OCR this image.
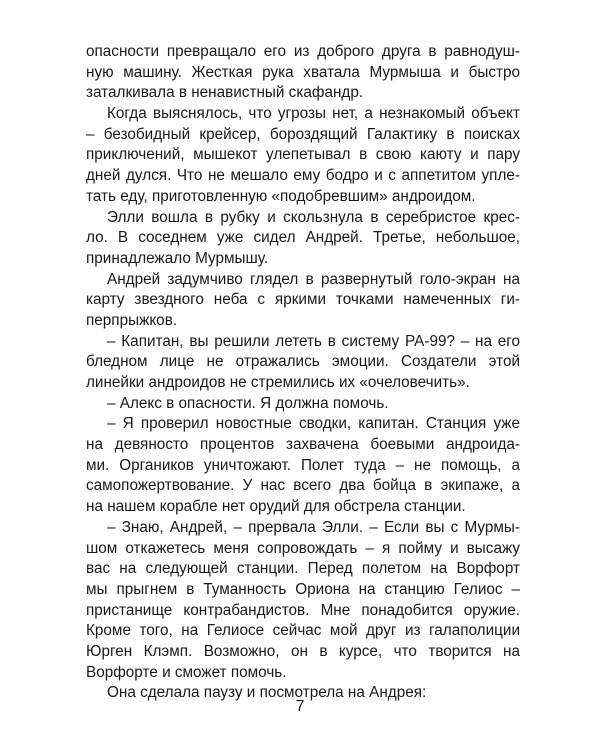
опасности превращало его из доброго друга в равнодуш-
ную машину. Жесткая рука хватала Мурмыша и быстро
заталкивала в ненавистный скафандр.
Когда выяснялось, что угрозы нет, а незнакомый объект
– безобидный крейсер, бороздящий Галактику в поисках
приключений, мышекот улепетывал в свою каюту и пару
дней дулся. Что не мешало ему бодро и с аппетитом упле-
тать еду, приготовленную «подобревшим» андроидом.
Элли вошла в рубку и скользнула в серебристое крес-
ло. В соседнем уже сидел Андрей. Третье, небольшое,
принадлежало Мурмышу.
Андрей задумчиво глядел в развернутый голо-экран на
карту звездного неба с яркими точками намеченных ги-
перпрыжков.
– Капитан, вы решили лететь в систему РА-99? – на его
бледном лице не отражались эмоции. Создатели этой
линейки андроидов не стремились их «очеловечить».
– Алекс в опасности. Я должна помочь.
– Я проверил новостные сводки, капитан. Станция уже
на девяносто процентов захвачена боевыми андроида-
ми. Органиков уничтожают. Полет туда – не помощь, а
самопожертвование. У нас всего два бойца в экипаже, а
на нашем корабле нет орудий для обстрела станции.
– Знаю, Андрей, – прервала Элли. – Если вы с Мурмы-
шом откажетесь меня сопровождать – я пойму и высажу
вас на следующей станции. Перед полетом на Ворфорт
мы прыгнем в Туманность Ориона на станцию Гелиос –
пристанище контрабандистов. Мне понадобится оружие.
Кроме того, на Гелиосе сейчас мой друг из галаполиции
Юрген Клэмп. Возможно, он в курсе, что творится на
Ворфорте и сможет помочь.
Она сделала паузу и посмотрела на Андрея:
7
